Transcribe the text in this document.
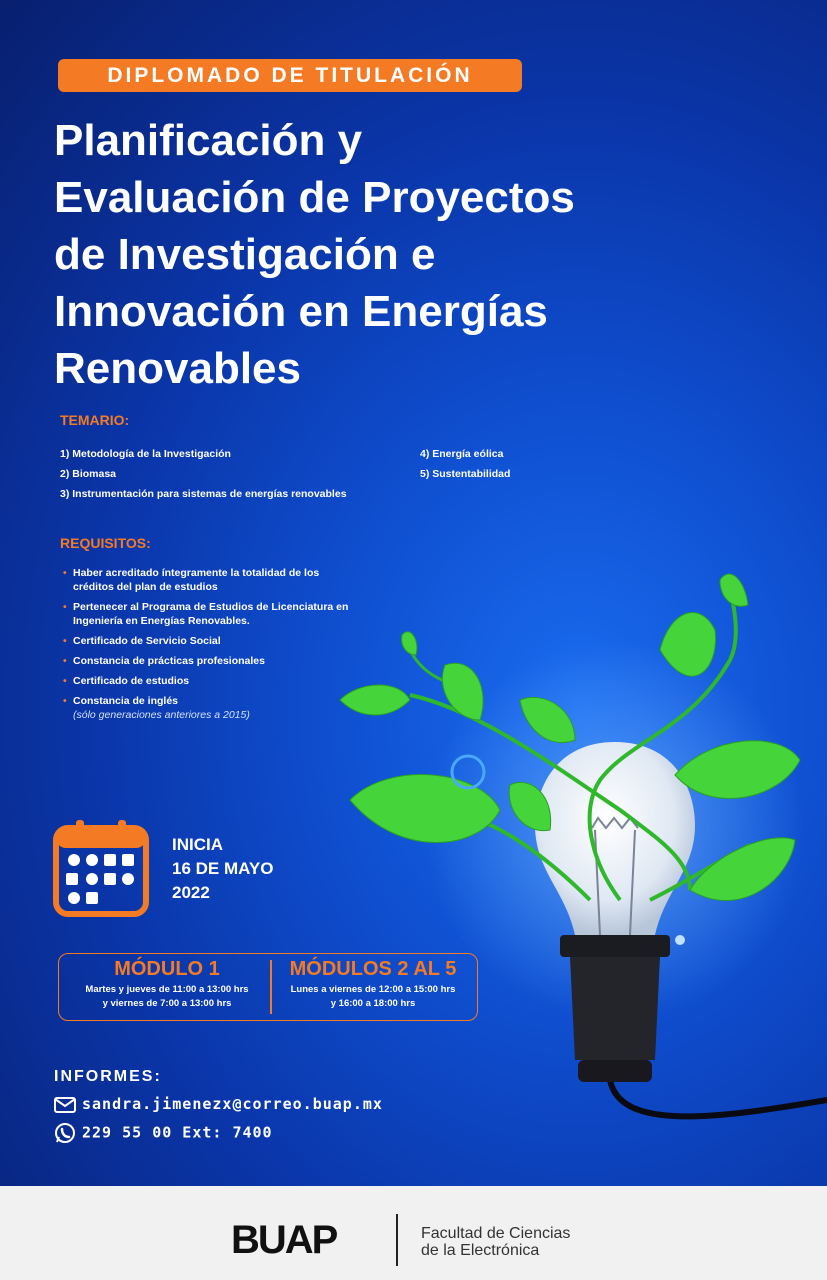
DIPLOMADO DE TITULACIÓN
Planificación y
Evaluación de Proyectos
de Investigación e
Innovación en Energías
Renovables
TEMARIO:
1) Metodología de la Investigación
2) Biomasa
3) Instrumentación para sistemas de energías renovables
4) Energía eólica
5) Sustentabilidad
REQUISITOS:
• Haber acreditado íntegramente la totalidad de los créditos del plan de estudios
• Pertenecer al Programa de Estudios de Licenciatura en Ingeniería en Energías Renovables.
• Certificado de Servicio Social
• Constancia de prácticas profesionales
• Certificado de estudios
• Constancia de inglés
(sólo generaciones anteriores a 2015)
INICIA
16 DE MAYO
2022
MÓDULO 1
Martes y jueves de 11:00 a 13:00 hrs
y viernes de 7:00 a 13:00 hrs
MÓDULOS 2 AL 5
Lunes a viernes de 12:00 a 15:00 hrs
y 16:00 a 18:00 hrs
INFORMES:
sandra.jimenezx@correo.buap.mx
229 55 00 Ext: 7400
BUAP	Facultad de Ciencias
de la Electrónica
